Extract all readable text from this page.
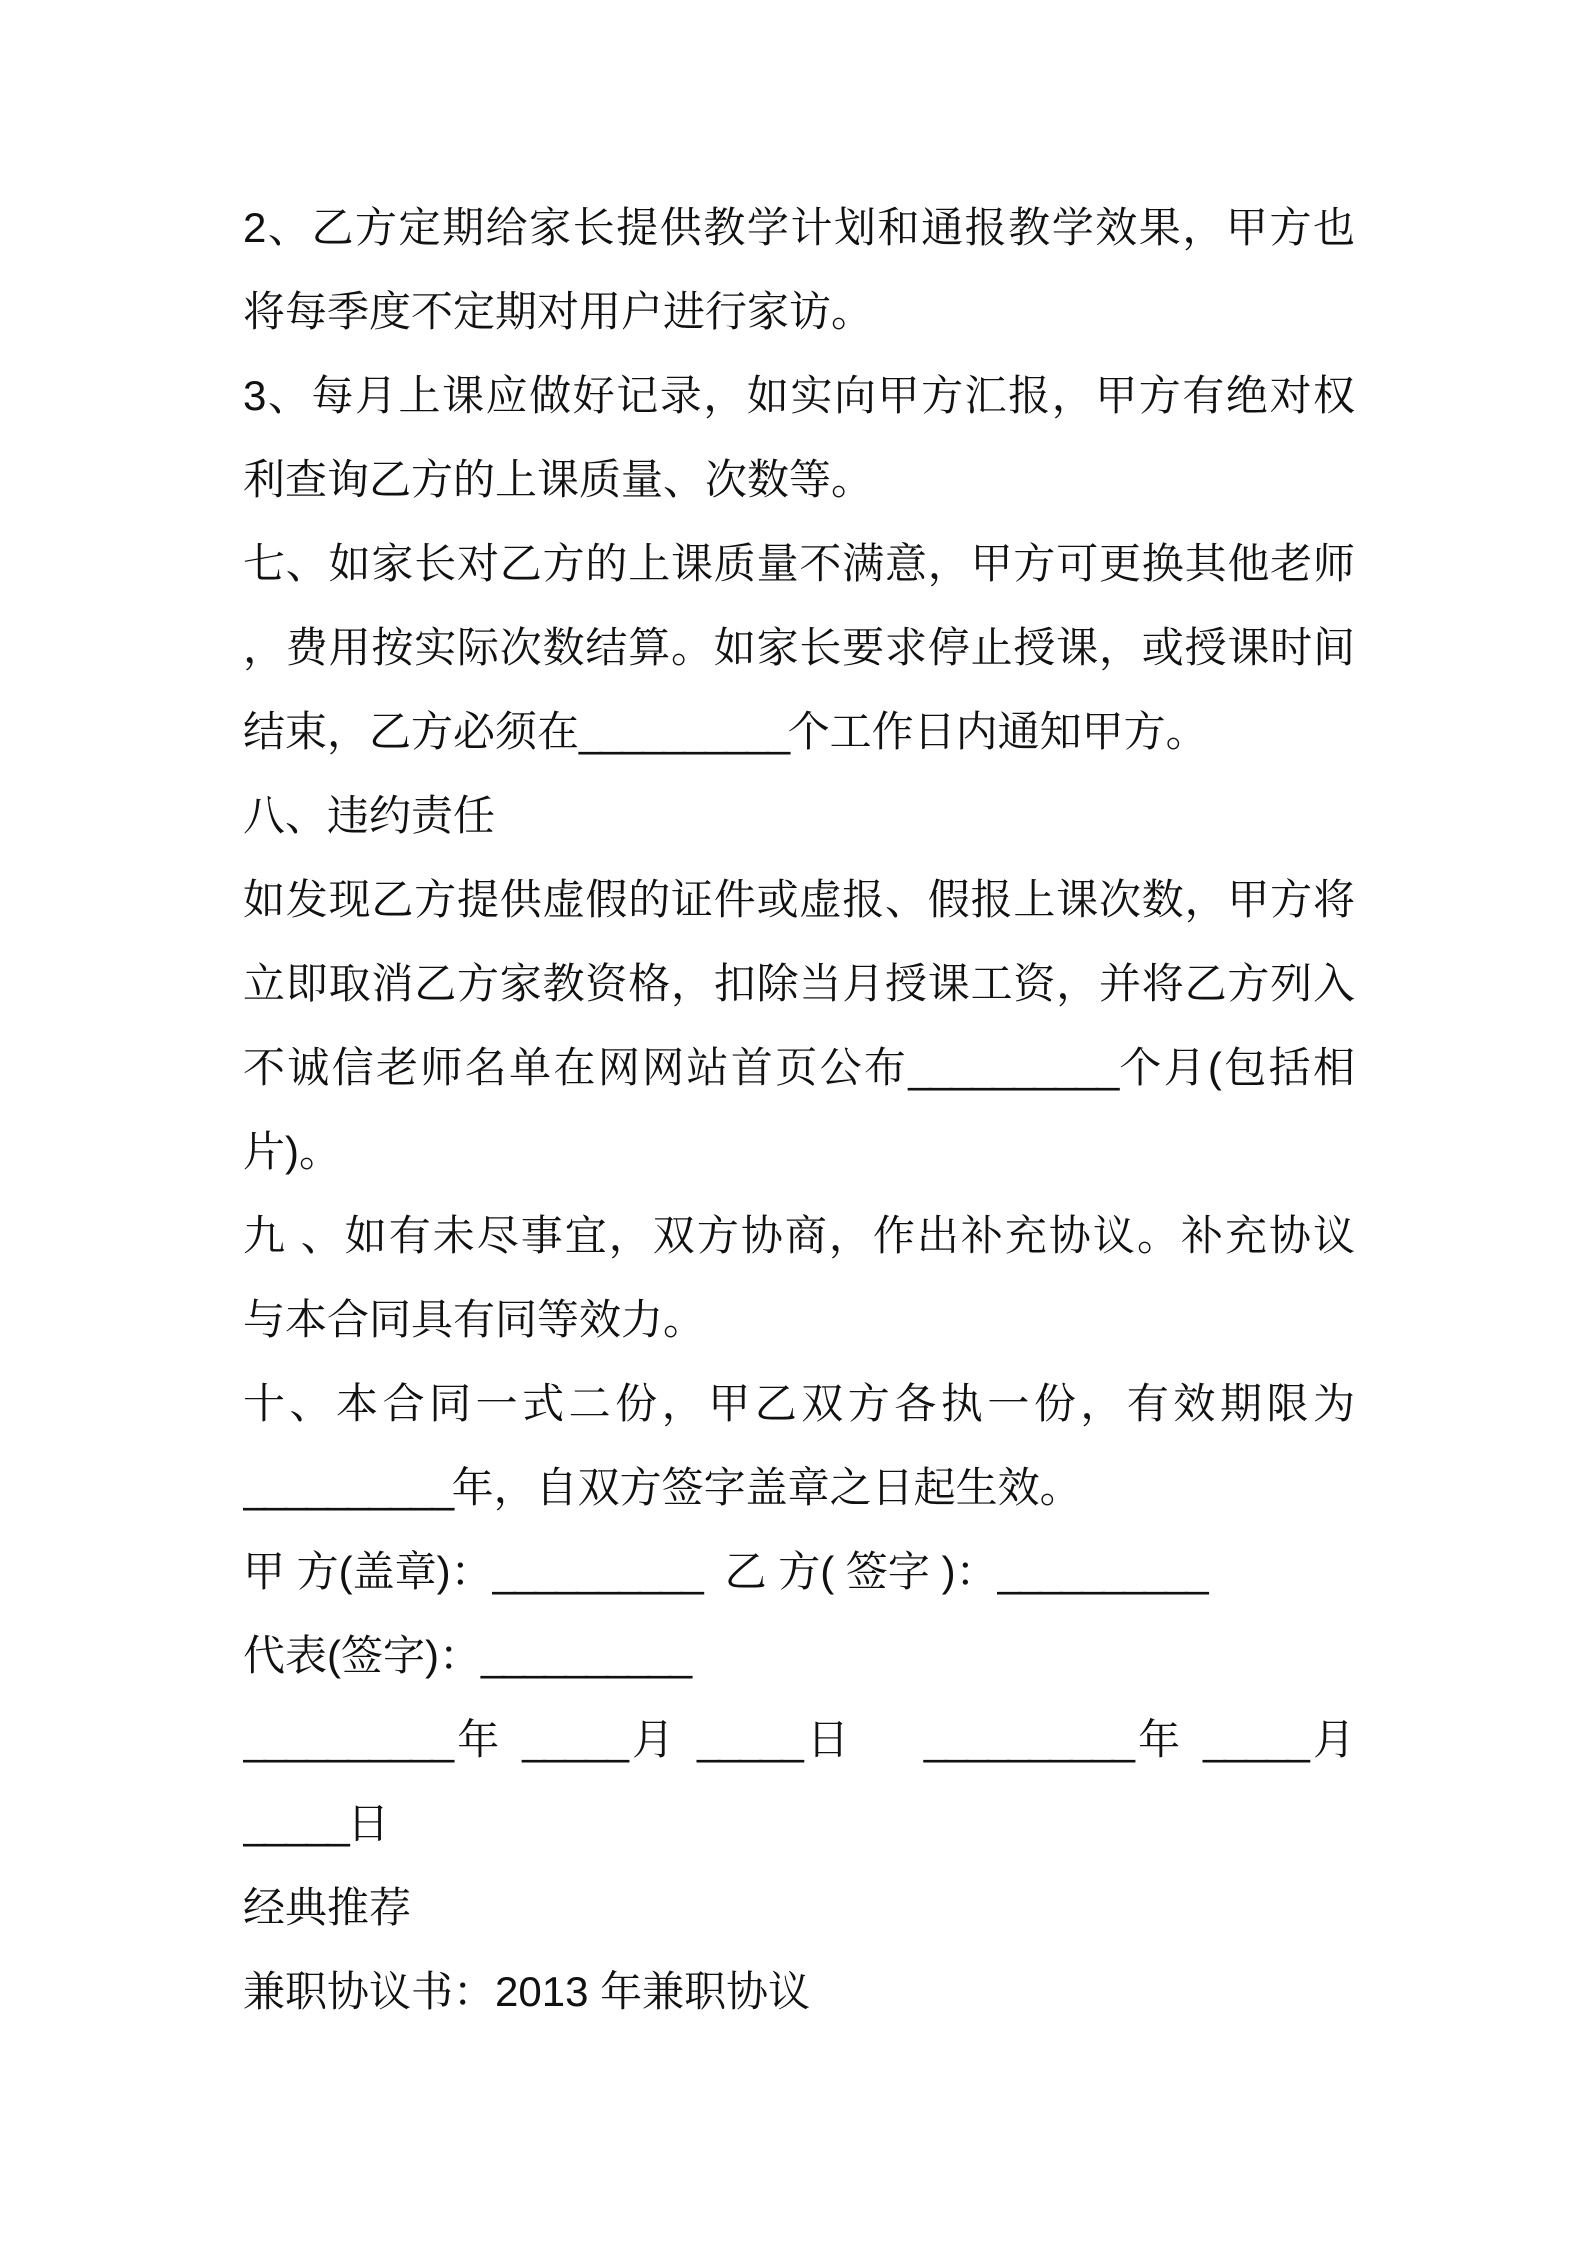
2、乙方定期给家长提供教学计划和通报教学效果，甲方也
将每季度不定期对用户进行家访。
3、每月上课应做好记录，如实向甲方汇报，甲方有绝对权
利查询乙方的上课质量、次数等。
七、如家长对乙方的上课质量不满意，甲方可更换其他老师
，费用按实际次数结算。如家长要求停止授课，或授课时间
结束，乙方必须在__________个工作日内通知甲方。
八、违约责任
如发现乙方提供虚假的证件或虚报、假报上课次数，甲方将
立即取消乙方家教资格，扣除当月授课工资，并将乙方列入
不诚信老师名单在网网站首页公布__________个月(包括相
片)。
九 、如有未尽事宜，双方协商，作出补充协议。补充协议
与本合同具有同等效力。
十、本合同一式二份，甲乙双方各执一份，有效期限为
__________年，自双方签字盖章之日起生效。
甲 方(盖章)：__________  乙 方( 签字 )：__________
代表(签字)：__________
__________年 _____月 _____日    __________年 _____月
_____日
经典推荐
兼职协议书：2013 年兼职协议
